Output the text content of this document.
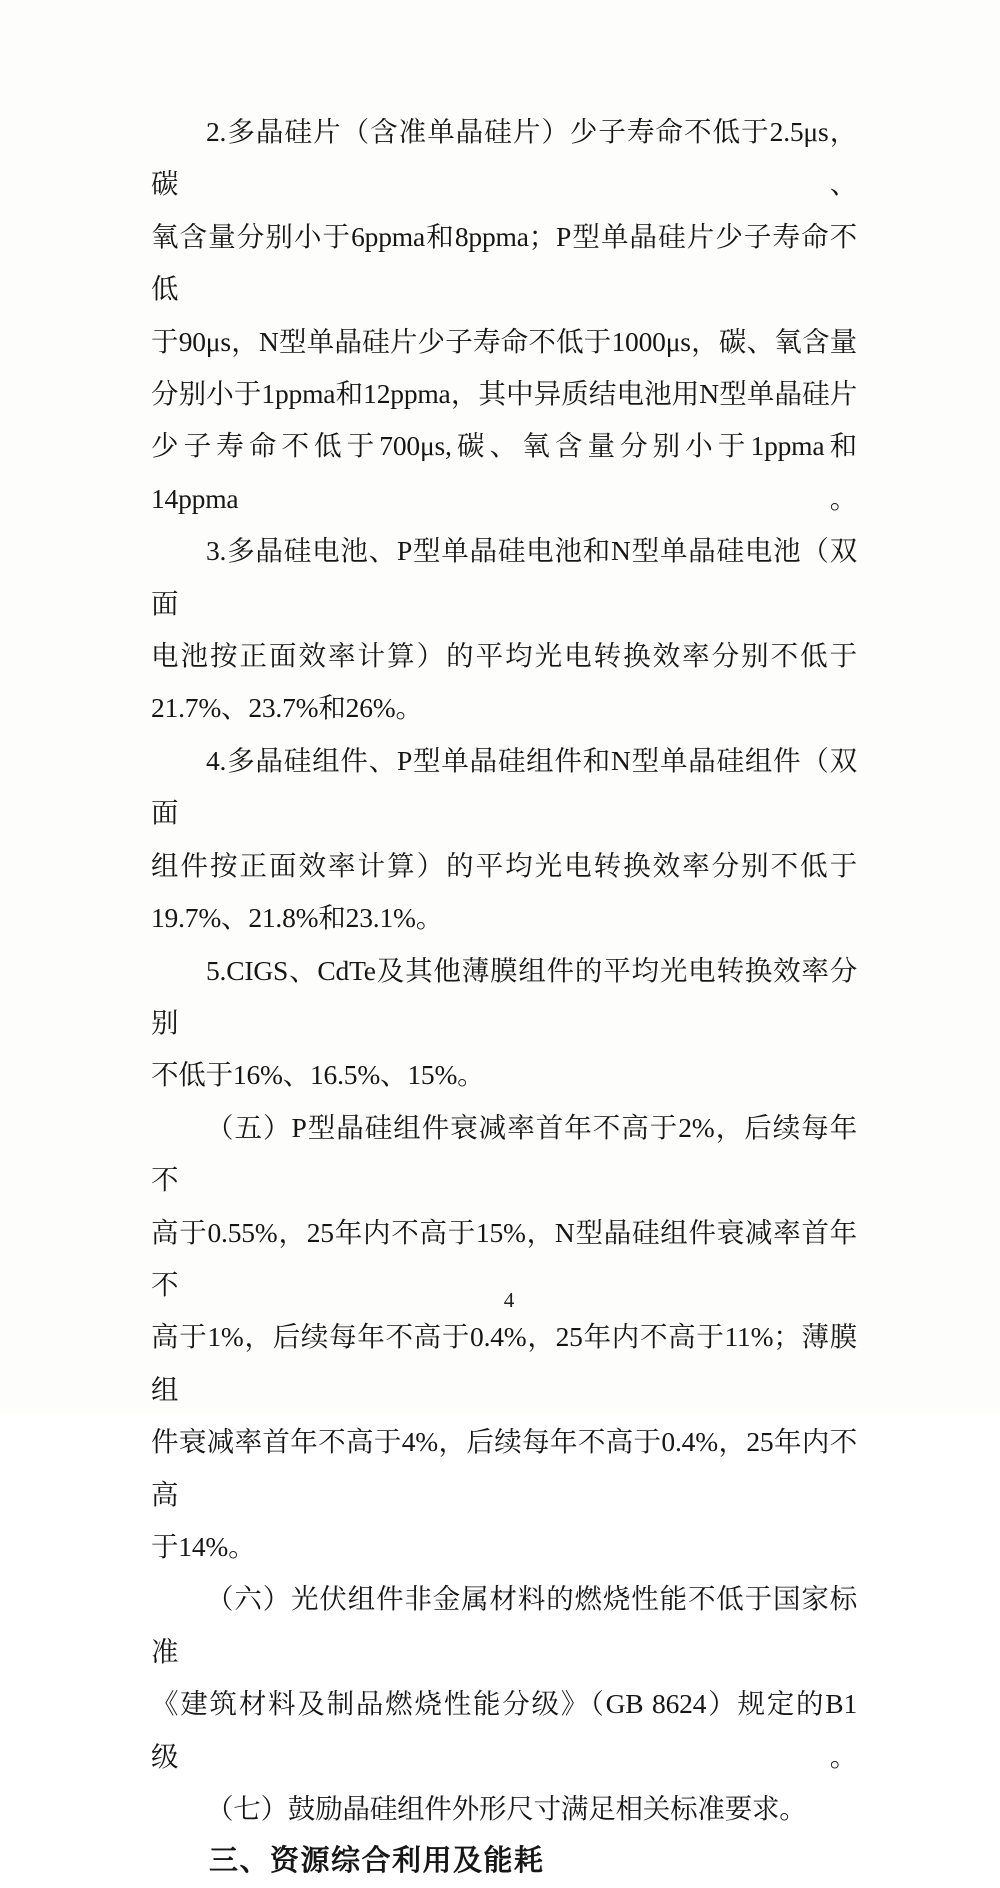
2.多晶硅片（含准单晶硅片）少子寿命不低于2.5μs，碳、
氧含量分别小于6ppma和8ppma；P型单晶硅片少子寿命不低
于90μs，N型单晶硅片少子寿命不低于1000μs，碳、氧含量
分别小于1ppma和12ppma，其中异质结电池用N型单晶硅片
少子寿命不低于700μs,碳、氧含量分别小于1ppma和14ppma。
3.多晶硅电池、P型单晶硅电池和N型单晶硅电池（双面
电池按正面效率计算）的平均光电转换效率分别不低于
21.7%、23.7%和26%。
4.多晶硅组件、P型单晶硅组件和N型单晶硅组件（双面
组件按正面效率计算）的平均光电转换效率分别不低于
19.7%、21.8%和23.1%。
5.CIGS、CdTe及其他薄膜组件的平均光电转换效率分别
不低于16%、16.5%、15%。
（五）P型晶硅组件衰减率首年不高于2%，后续每年不
高于0.55%，25年内不高于15%，N型晶硅组件衰减率首年不
高于1%，后续每年不高于0.4%，25年内不高于11%；薄膜组
件衰减率首年不高于4%，后续每年不高于0.4%，25年内不高
于14%。
（六）光伏组件非金属材料的燃烧性能不低于国家标准
《建筑材料及制品燃烧性能分级》（GB 8624）规定的B1级。
（七）鼓励晶硅组件外形尺寸满足相关标准要求。
三、资源综合利用及能耗
4
